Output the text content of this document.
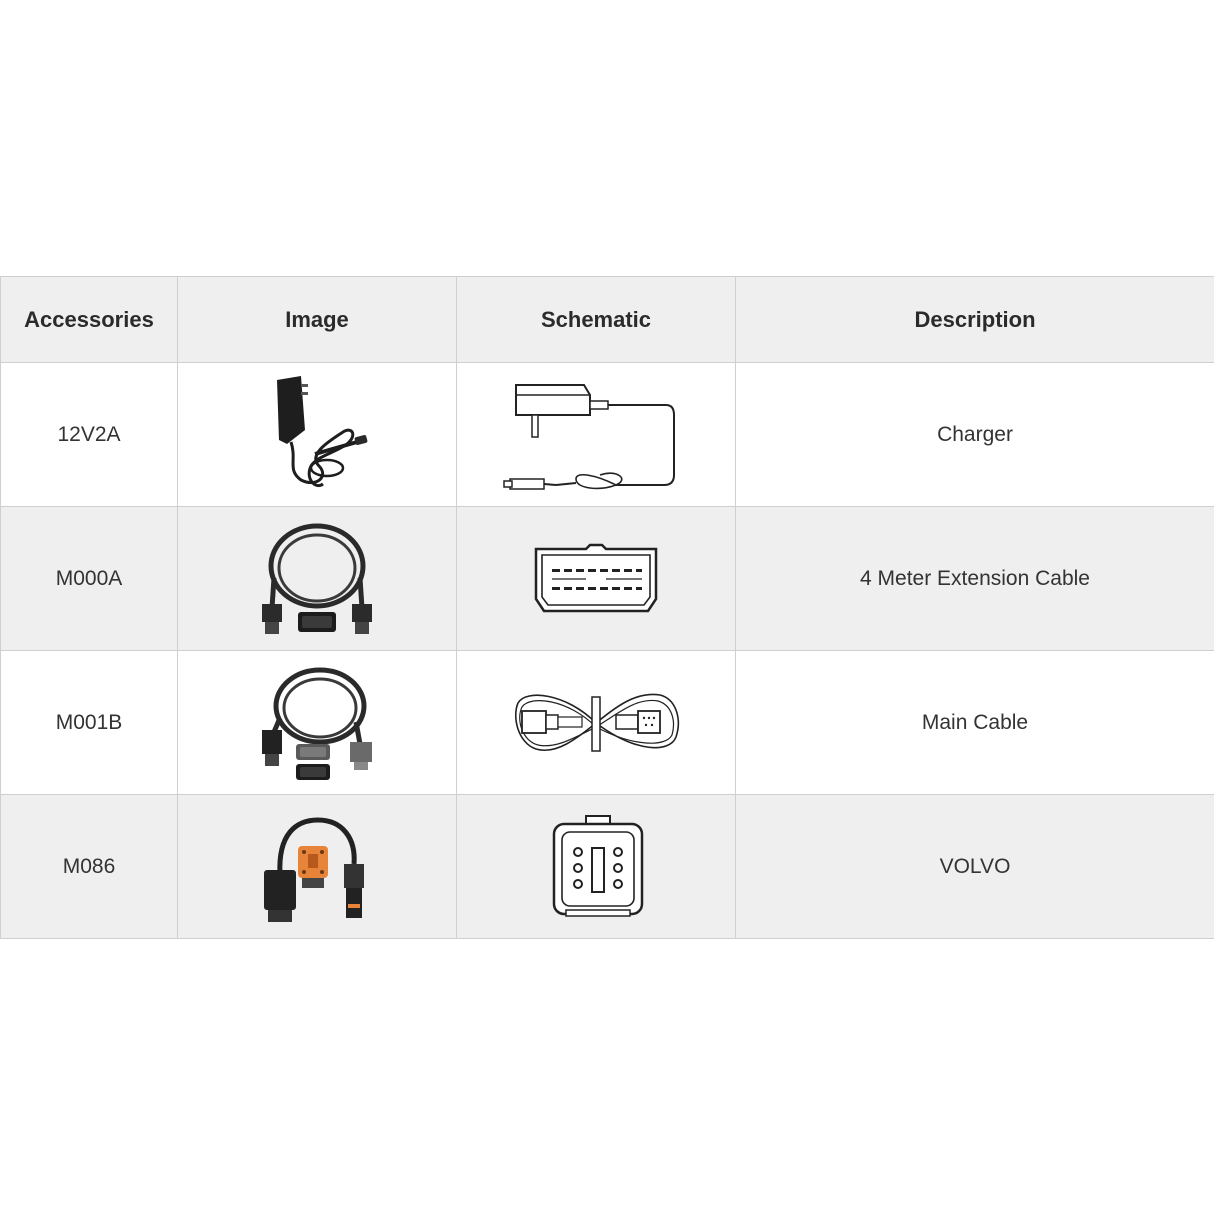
Accessories	Image	Schematic	Description
12V2A			Charger
M000A			4 Meter Extension Cable
M001B			Main Cable
M086			VOLVO
